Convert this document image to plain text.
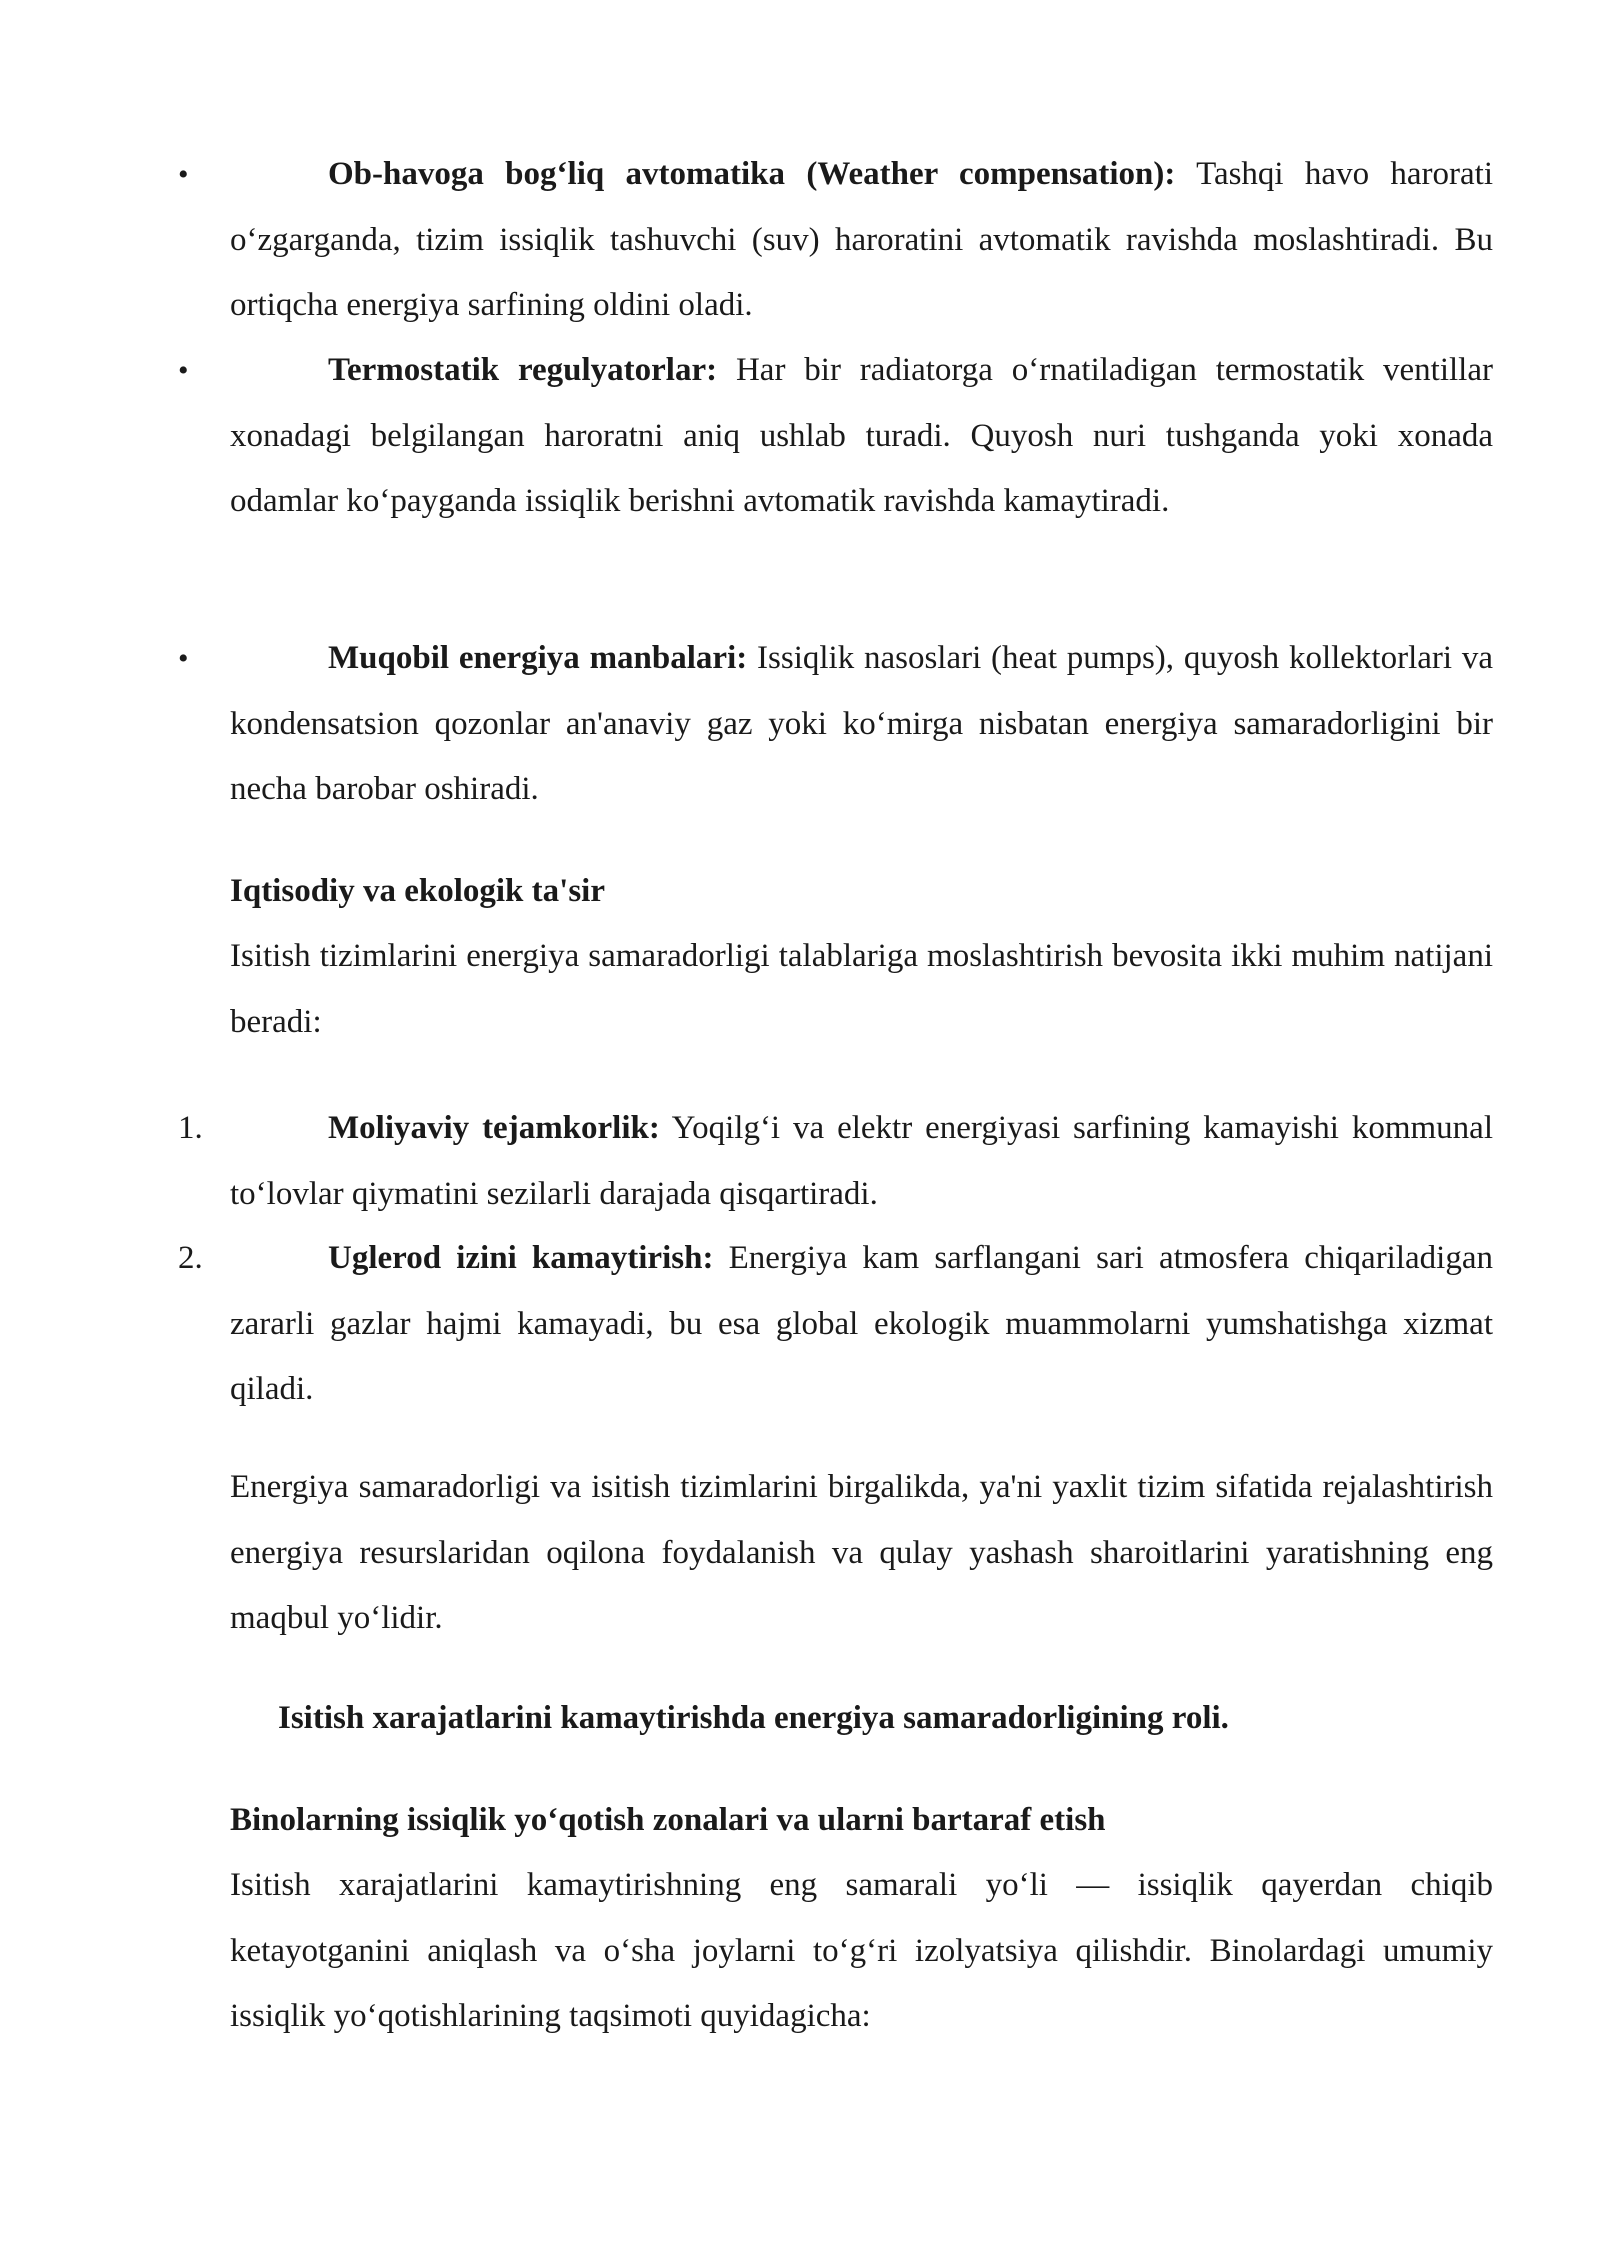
•	Ob-havoga bog‘liq avtomatika (Weather compensation): Tashqi havo harorati o‘zgarganda, tizim issiqlik tashuvchi (suv) haroratini avtomatik ravishda moslashtiradi. Bu ortiqcha energiya sarfining oldini oladi.
•	Termostatik regulyatorlar: Har bir radiatorga o‘rnatiladigan termostatik ventillar xonadagi belgilangan haroratni aniq ushlab turadi. Quyosh nuri tushganda yoki xonada odamlar ko‘payganda issiqlik berishni avtomatik ravishda kamaytiradi.
•	Muqobil energiya manbalari: Issiqlik nasoslari (heat pumps), quyosh kollektorlari va kondensatsion qozonlar an'anaviy gaz yoki ko‘mirga nisbatan energiya samaradorligini bir necha barobar oshiradi.
Iqtisodiy va ekologik ta'sir
Isitish tizimlarini energiya samaradorligi talablariga moslashtirish bevosita ikki muhim natijani beradi:
1.	Moliyaviy tejamkorlik: Yoqilg‘i va elektr energiyasi sarfining kamayishi kommunal to‘lovlar qiymatini sezilarli darajada qisqartiradi.
2.	Uglerod izini kamaytirish: Energiya kam sarflangani sari atmosfera chiqariladigan zararli gazlar hajmi kamayadi, bu esa global ekologik muammolarni yumshatishga xizmat qiladi.
Energiya samaradorligi va isitish tizimlarini birgalikda, ya'ni yaxlit tizim sifatida rejalashtirish energiya resurslaridan oqilona foydalanish va qulay yashash sharoitlarini yaratishning eng maqbul yo‘lidir.
Isitish xarajatlarini kamaytirishda energiya samaradorligining roli.
Binolarning issiqlik yo‘qotish zonalari va ularni bartaraf etish
Isitish xarajatlarini kamaytirishning eng samarali yo‘li — issiqlik qayerdan chiqib ketayotganini aniqlash va o‘sha joylarni to‘g‘ri izolyatsiya qilishdir. Binolardagi umumiy issiqlik yo‘qotishlarining taqsimoti quyidagicha:
